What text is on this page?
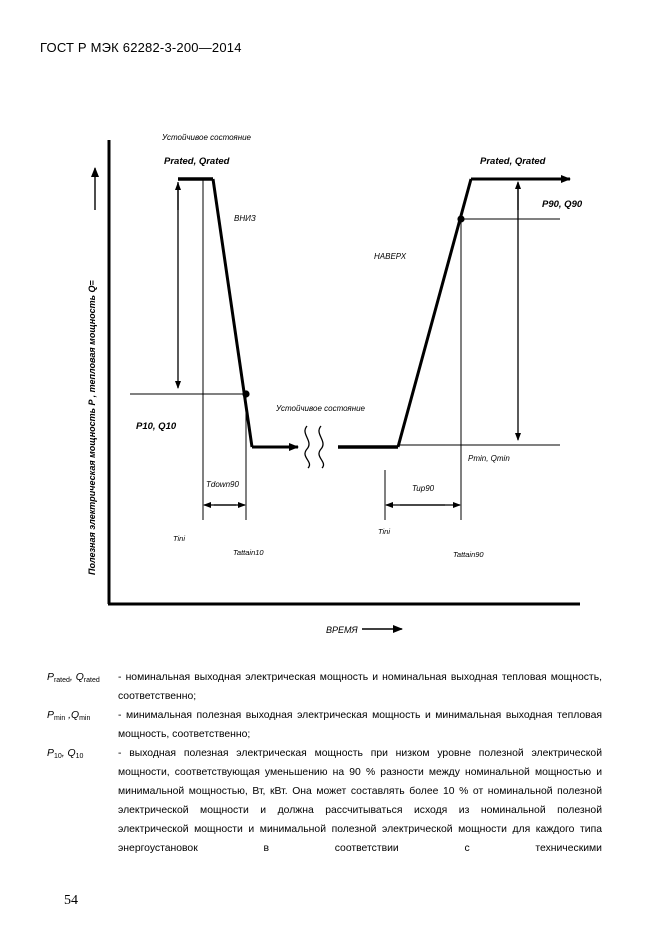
ГОСТ Р МЭК 62282-3-200—2014
Полезная электрическая мощность P , тепловая мощность Q=
ВРЕМЯ
Устойчивое состояние
Prated, Qrated
ВНИЗ
P10, Q10
Устойчивое состояние
Tdown90
Tini
Tattain10
Prated, Qrated
P90, Q90
НАВЕРХ
Pmin, Qmin
Tup90
Tini
Tattain90
$P_{rated}$, $Q_{rated}$	- номинальная выходная электрическая мощность и номинальная выходная тепловая мощность, соответственно;
$P_{min}$ $,Q_{min}$	- минимальная полезная выходная электрическая мощность и минимальная выходная тепловая мощность, соответственно;
$P_{10}$, $Q_{10}$	- выходная полезная электрическая мощность при низком уровне полезной электрической мощности, соответствующая уменьшению на 90 % разности между номинальной мощностью и минимальной мощностью, Вт, кВт. Она может составлять более 10 % от номинальной полезной электрической мощности и должна рассчитываться исходя из номинальной полезной электрической мощности и минимальной полезной электрической мощности для каждого типа энергоустановок в соответствии с техническими
54
